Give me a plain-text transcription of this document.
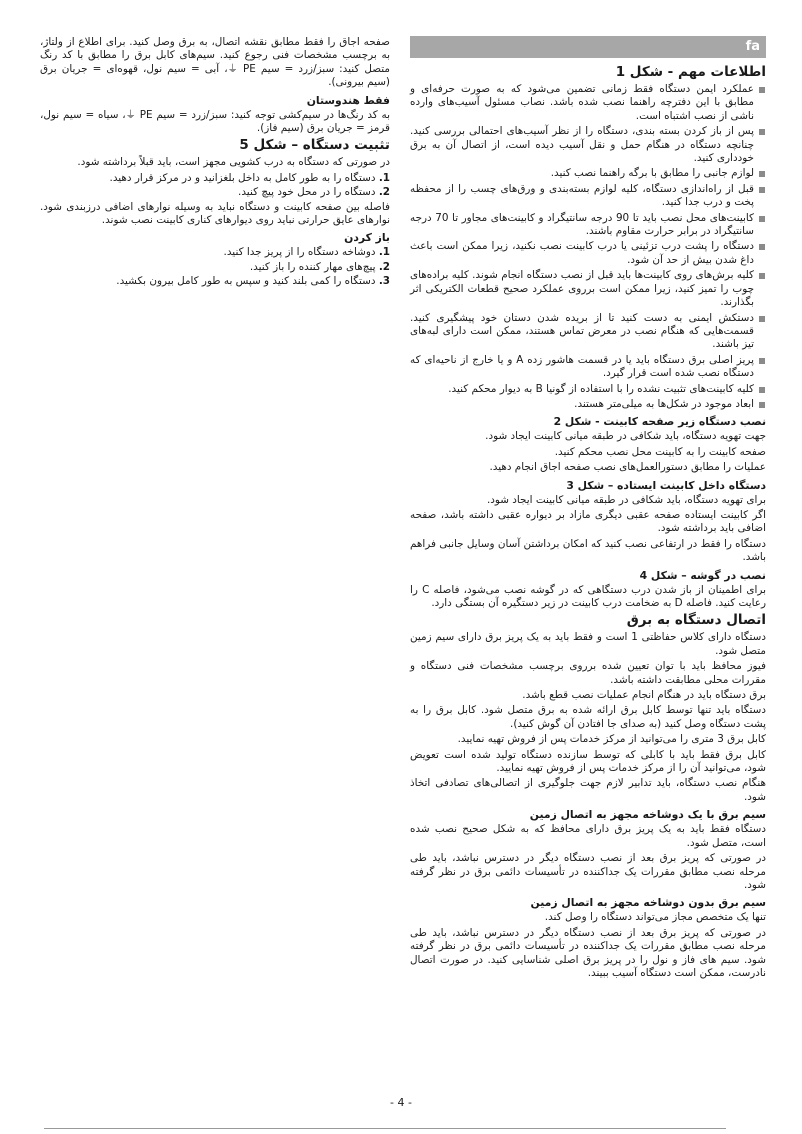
fa
اطلاعات مهم - شکل 1
عملکرد ایمن دستگاه فقط زمانی تضمین می‌شود که به صورت حرفه‌ای و مطابق با این دفترچه راهنما نصب شده باشد. نصاب مسئول آسیب‌های وارده ناشی از نصب اشتباه است.
پس از باز کردن بسته بندی، دستگاه را از نظر آسیب‌های احتمالی بررسی کنید. چنانچه دستگاه در هنگام حمل و نقل آسیب دیده است، از اتصال آن به برق خودداری کنید.
لوازم جانبی را مطابق با برگه راهنما نصب کنید.
قبل از راه‌اندازی دستگاه، کلیه لوازم بسته‌بندی و ورق‌های چسب را از محفظه پخت و درب جدا کنید.
کابینت‌های محل نصب باید تا 90 درجه سانتیگراد و کابینت‌های مجاور تا 70 درجه سانتیگراد در برابر حرارت مقاوم باشند.
دستگاه را پشت درب تزئینی یا درب کابینت نصب نکنید، زیرا ممکن است باعث داغ شدن بیش از حد آن شود.
کلیه برش‌های روی کابینت‌ها باید قبل از نصب دستگاه انجام شوند. کلیه براده‌های چوب را تمیز کنید، زیرا ممکن است برروی عملکرد صحیح قطعات الکتریکی اثر بگذارند.
دستکش ایمنی به دست کنید تا از بریده شدن دستان خود پیشگیری کنید. قسمت‌هایی که هنگام نصب در معرض تماس هستند، ممکن است دارای لبه‌های تیز باشند.
پریز اصلی برق دستگاه باید یا در قسمت هاشور زده A و یا خارج از ناحیه‌ای که دستگاه نصب شده است قرار گیرد.
کلیه کابینت‌های تثبیت نشده را با استفاده از گونیا B به دیوار محکم کنید.
ابعاد موجود در شکل‌ها به میلی‌متر هستند.
نصب دستگاه زیر صفحه کابینت - شکل 2

جهت تهویه دستگاه، باید شکافی در طبقه میانی کابینت ایجاد شود.

صفحه کابینت را به کابینت محل نصب محکم کنید.

عملیات را مطابق دستورالعمل‌های نصب صفحه اجاق انجام دهید.

دستگاه داخل کابینت ایستاده – شکل 3

برای تهویه دستگاه، باید شکافی در طبقه میانی کابینت ایجاد شود.

اگر کابینت ایستاده صفحه عقبی دیگری مازاد بر دیواره عقبی داشته باشد، صفحه اضافی باید برداشته شود.

دستگاه را فقط در ارتفاعی نصب کنید که امکان برداشتن آسان وسایل جانبی فراهم باشد.

نصب در گوشه – شکل 4

برای اطمینان از باز شدن درب دستگاهی که در گوشه نصب می‌شود، فاصله C را رعایت کنید. فاصله D به ضخامت درب کابینت در زیر دستگیره آن بستگی دارد.

اتصال دستگاه به برق

دستگاه دارای کلاس حفاظتی 1 است و فقط باید به یک پریز برق دارای سیم زمین متصل شود.

فیوز محافظ باید با توان تعیین شده برروی برچسب مشخصات فنی دستگاه و مقررات محلی مطابقت داشته باشد.

برق دستگاه باید در هنگام انجام عملیات نصب قطع باشد.

دستگاه باید تنها توسط کابل برق ارائه شده به برق متصل شود. کابل برق را به پشت دستگاه وصل کنید (به صدای جا افتادن آن گوش کنید).

کابل برق 3 متری را می‌توانید از مرکز خدمات پس از فروش تهیه نمایید.

کابل برق فقط باید با کابلی که توسط سازنده دستگاه تولید شده است تعویض شود، می‌توانید آن را از مرکز خدمات پس از فروش تهیه نمایید.

هنگام نصب دستگاه، باید تدابیر لازم جهت جلوگیری از اتصالی‌های تصادفی اتخاذ شود.

سیم برق با یک دوشاخه مجهز به اتصال زمین

دستگاه فقط باید به یک پریز برق دارای محافظ که به شکل صحیح نصب شده است، متصل شود.

در صورتی که پریز برق بعد از نصب دستگاه دیگر در دسترس نباشد، باید طی مرحله نصب مطابق مقررات یک جداکننده در تأسیسات دائمی برق در نظر گرفته شود.

سیم برق بدون دوشاخه مجهز به اتصال زمین

تنها یک متخصص مجاز می‌تواند دستگاه را وصل کند.

در صورتی که پریز برق بعد از نصب دستگاه دیگر در دسترس نباشد، باید طی مرحله نصب مطابق مقررات یک جداکننده در تأسیسات دائمی برق در نظر گرفته شود. سیم های فاز و نول را در پریز برق اصلی شناسایی کنید. در صورت اتصال نادرست، ممکن است دستگاه آسیب ببیند.

صفحه اجاق را فقط مطابق نقشه اتصال، به برق وصل کنید. برای اطلاع از ولتاژ، به برچسب مشخصات فنی رجوع کنید. سیم‌های کابل برق را مطابق با کد رنگ متصل کنید: سبز/زرد = سیم PE ⏚، آبی = سیم نول، قهوه‌ای = جریان برق (سیم بیرونی).

فقط هندوستان

به کد رنگ‌ها در سیم‌کشی توجه کنید: سبز/زرد = سیم PE ⏚، سیاه = سیم نول، قرمز = جریان برق (سیم فاز).

تثبیت دستگاه – شکل 5

در صورتی که دستگاه به درب کشویی مجهز است، باید قبلاً برداشته شود.

1. دستگاه را به طور کامل به داخل بلغزانید و در مرکز قرار دهید.
2. دستگاه را در محل خود پیچ کنید.

فاصله بین صفحه کابینت و دستگاه نباید به وسیله نوارهای اضافی درزبندی شود. نوارهای عایق حرارتی نباید روی دیوارهای کناری کابینت نصب شوند.

باز کردن
1. دوشاخه دستگاه را از پریز جدا کنید.
2. پیچ‌های مهار کننده را باز کنید.
3. دستگاه را کمی بلند کنید و سپس به طور کامل بیرون بکشید.
- 4 -
